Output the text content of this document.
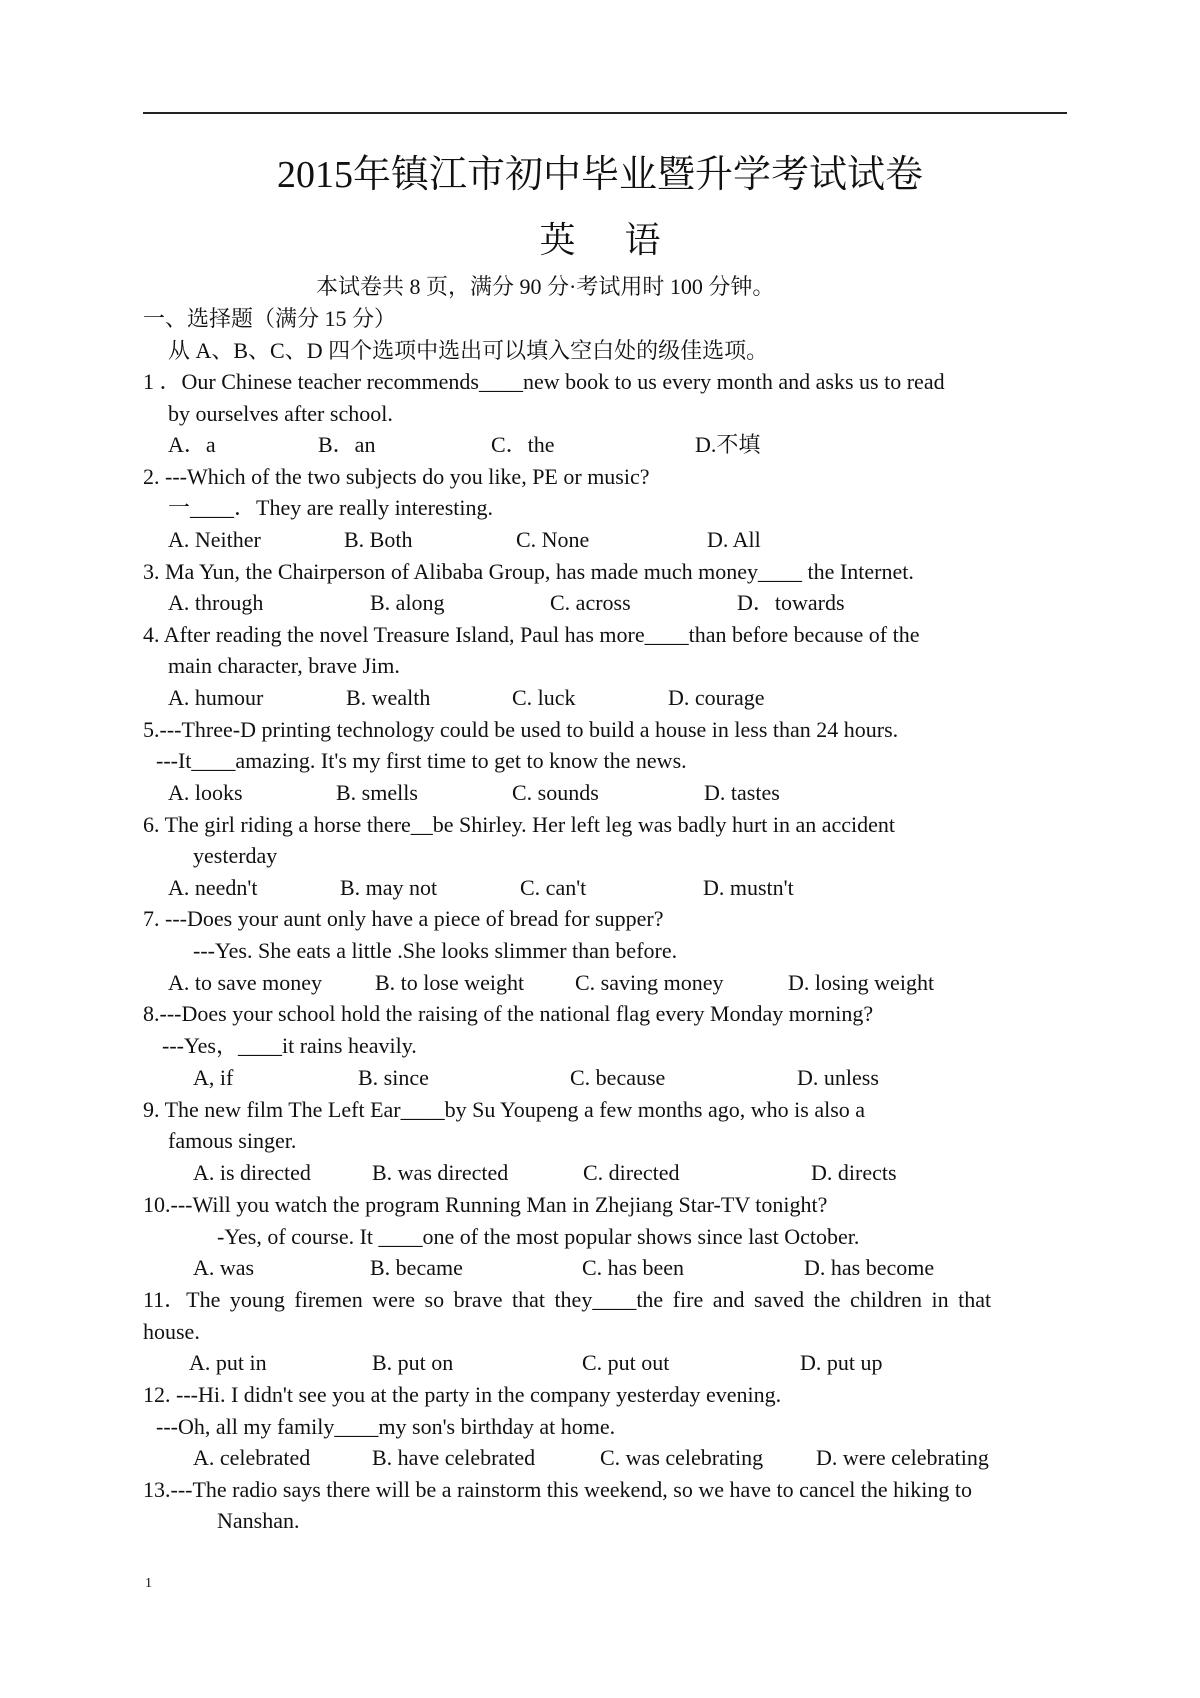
2015年镇江市初中毕业暨升学考试试卷
英 语
本试卷共 8 页，满分 90 分·考试用时 100 分钟。
一、选择题（满分 15 分）
从 A、B、C、D 四个选项中选出可以填入空白处的级佳选项。
1 ．Our Chinese teacher recommends____new book to us every month and asks us to read
by ourselves after school.
A．a	B．an	C．the	D.不填
2. ---Which of the two subjects do you like, PE or music?
一____．They are really interesting.
A. Neither	B. Both	C. None	D. All
3. Ma Yun, the Chairperson of Alibaba Group, has made much money____ the Internet.
A. through	B. along	C. across	D．towards
4. After reading the novel Treasure Island, Paul has more____than before because of the
main character, brave Jim.
A. humour	B. wealth	C. luck	D. courage
5.---Three-D printing technology could be used to build a house in less than 24 hours.
---It____amazing. It's my first time to get to know the news.
A. looks	B. smells	C. sounds	D. tastes
6. The girl riding a horse there__be Shirley. Her left leg was badly hurt in an accident
yesterday
A. needn't	B. may not	C. can't	D. mustn't
7. ---Does your aunt only have a piece of bread for supper?
---Yes. She eats a little .She looks slimmer than before.
A. to save money B. to lose weight C. saving money	D. losing weight
8.---Does your school hold the raising of the national flag every Monday morning?
---Yes，____it rains heavily.
A, if	B. since	C. because	D. unless
9. The new film The Left Ear____by Su Youpeng a few months ago, who is also a
famous singer.
A. is directed	B. was directed	C. directed	D. directs
10.---Will you watch the program Running Man in Zhejiang Star-TV tonight?
-Yes, of course. It ____one of the most popular shows since last October.
A. was	B. became	C. has been	D. has become
11．The young firemen were so brave that they____the fire and saved the children in that
house.
A. put in	B. put on	C. put out	D. put up
12. ---Hi. I didn't see you at the party in the company yesterday evening.
---Oh, all my family____my son's birthday at home.
A. celebrated	B. have celebrated	C. was celebrating D. were celebrating
13.---The radio says there will be a rainstorm this weekend, so we have to cancel the hiking to
Nanshan.
1
